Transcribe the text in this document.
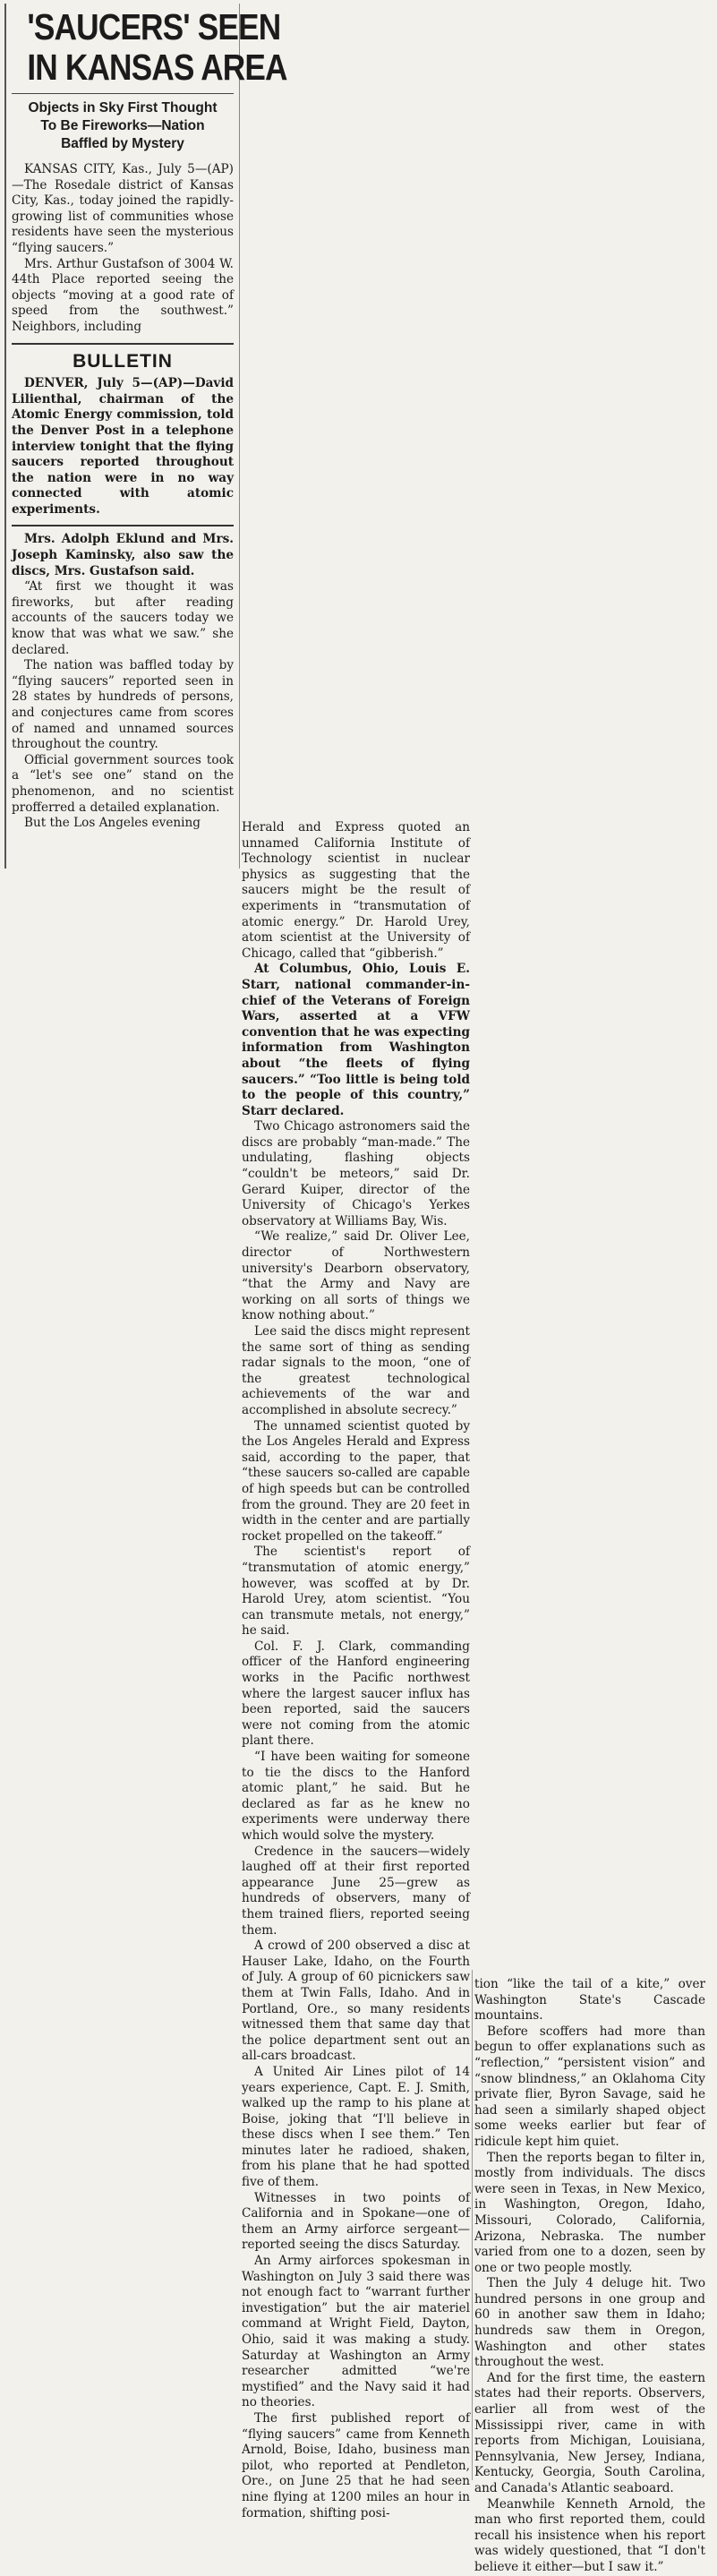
'SAUCERS' SEEN
IN KANSAS AREA
Objects in Sky First Thought
To Be Fireworks—Nation
Baffled by Mystery

KANSAS CITY, Kas., July 5—(AP)—The Rosedale district of Kansas City, Kas., today joined the rapidly-growing list of communities whose residents have seen the mysterious “flying saucers.”

Mrs. Arthur Gustafson of 3004 W. 44th Place reported seeing the objects “moving at a good rate of speed from the southwest.” Neighbors, including

BULLETIN

DENVER, July 5—(AP)—David Lilienthal, chairman of the Atomic Energy commission, told the Denver Post in a telephone interview tonight that the flying saucers reported throughout the nation were in no way connected with atomic experiments.

Mrs. Adolph Eklund and Mrs. Joseph Kaminsky, also saw the discs, Mrs. Gustafson said.

“At first we thought it was fireworks, but after reading accounts of the saucers today we know that was what we saw.” she declared.

The nation was baffled today by “flying saucers” reported seen in 28 states by hundreds of persons, and conjectures came from scores of named and unnamed sources throughout the country.

Official government sources took a “let's see one” stand on the phenomenon, and no scientist profferred a detailed explanation.

But the Los Angeles evening	Herald and Express quoted an unnamed California Institute of Technology scientist in nuclear physics as suggesting that the saucers might be the result of experiments in “transmutation of atomic energy.” Dr. Harold Urey, atom scientist at the University of Chicago, called that “gibberish.”

At Columbus, Ohio, Louis E. Starr, national commander-in-chief of the Veterans of Foreign Wars, asserted at a VFW convention that he was expecting information from Washington about “the fleets of flying saucers.” “Too little is being told to the people of this country,” Starr declared.

Two Chicago astronomers said the discs are probably “man-made.” The undulating, flashing objects “couldn't be meteors,” said Dr. Gerard Kuiper, director of the University of Chicago's Yerkes observatory at Williams Bay, Wis.

“We realize,” said Dr. Oliver Lee, director of Northwestern university's Dearborn observatory, “that the Army and Navy are working on all sorts of things we know nothing about.”

Lee said the discs might represent the same sort of thing as sending radar signals to the moon, “one of the greatest technological achievements of the war and accomplished in absolute secrecy.”

The unnamed scientist quoted by the Los Angeles Herald and Express said, according to the paper, that “these saucers so-called are capable of high speeds but can be controlled from the ground. They are 20 feet in width in the center and are partially rocket propelled on the takeoff.”

The scientist's report of “transmutation of atomic energy,” however, was scoffed at by Dr. Harold Urey, atom scientist. “You can transmute metals, not energy,” he said.

Col. F. J. Clark, commanding officer of the Hanford engineering works in the Pacific northwest where the largest saucer influx has been reported, said the saucers were not coming from the atomic plant there.

“I have been waiting for someone to tie the discs to the Hanford atomic plant,” he said. But he declared as far as he knew no experiments were underway there which would solve the mystery.

Credence in the saucers—widely laughed off at their first reported appearance June 25—grew as hundreds of observers, many of them trained fliers, reported seeing them.

A crowd of 200 observed a disc at Hauser Lake, Idaho, on the Fourth of July. A group of 60 picnickers saw them at Twin Falls, Idaho. And in Portland, Ore., so many residents witnessed them that same day that the police department sent out an all-cars broadcast.

A United Air Lines pilot of 14 years experience, Capt. E. J. Smith, walked up the ramp to his plane at Boise, joking that “I'll believe in these discs when I see them.” Ten minutes later he radioed, shaken, from his plane that he had spotted five of them.

Witnesses in two points of California and in Spokane—one of them an Army airforce sergeant—reported seeing the discs Saturday.

An Army airforces spokesman in Washington on July 3 said there was not enough fact to “warrant further investigation” but the air materiel command at Wright Field, Dayton, Ohio, said it was making a study. Saturday at Washington an Army researcher admitted “we're mystified” and the Navy said it had no theories.

The first published report of “flying saucers” came from Kenneth Arnold, Boise, Idaho, business man pilot, who reported at Pendleton, Ore., on June 25 that he had seen nine flying at 1200 miles an hour in formation, shifting posi-

tion “like the tail of a kite,” over Washington State's Cascade mountains.

Before scoffers had more than begun to offer explanations such as “reflection,” “persistent vision” and “snow blindness,” an Oklahoma City private flier, Byron Savage, said he had seen a similarly shaped object some weeks earlier but fear of ridicule kept him quiet.

Then the reports began to filter in, mostly from individuals. The discs were seen in Texas, in New Mexico, in Washington, Oregon, Idaho, Missouri, Colorado, California, Arizona, Nebraska. The number varied from one to a dozen, seen by one or two people mostly.

Then the July 4 deluge hit. Two hundred persons in one group and 60 in another saw them in Idaho; hundreds saw them in Oregon, Washington and other states throughout the west.

And for the first time, the eastern states had their reports. Observers, earlier all from west of the Mississippi river, came in with reports from Michigan, Louisiana, Pennsylvania, New Jersey, Indiana, Kentucky, Georgia, South Carolina, and Canada's Atlantic seaboard.

Meanwhile Kenneth Arnold, the man who first reported them, could recall his insistence when his report was widely questioned, that “I don't believe it either—but I saw it.”
